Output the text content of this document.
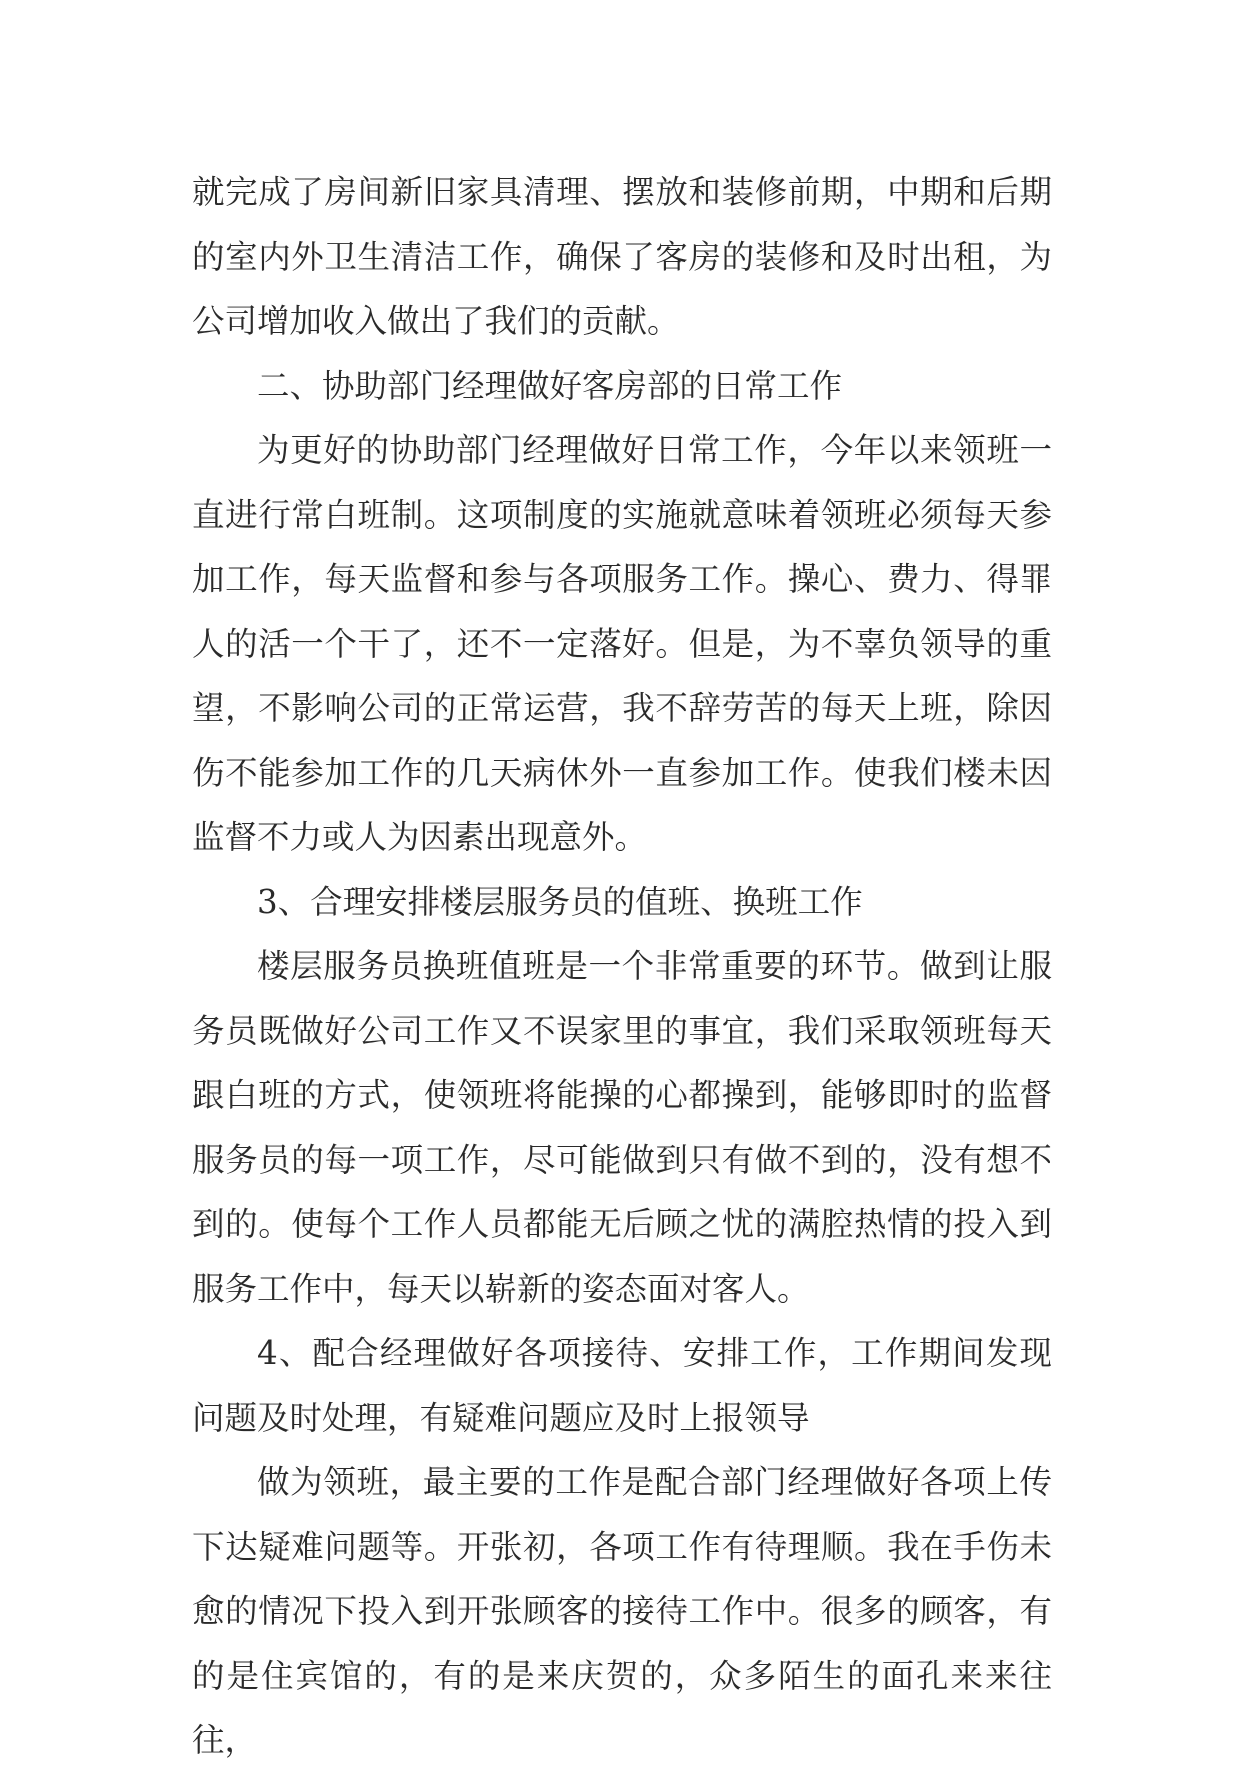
就完成了房间新旧家具清理、摆放和装修前期，中期和后期的室内外卫生清洁工作，确保了客房的装修和及时出租，为公司增加收入做出了我们的贡献。

二、协助部门经理做好客房部的日常工作

为更好的协助部门经理做好日常工作，今年以来领班一直进行常白班制。这项制度的实施就意味着领班必须每天参加工作，每天监督和参与各项服务工作。操心、费力、得罪人的活一个干了，还不一定落好。但是，为不辜负领导的重望，不影响公司的正常运营，我不辞劳苦的每天上班，除因伤不能参加工作的几天病休外一直参加工作。使我们楼未因监督不力或人为因素出现意外。

3、合理安排楼层服务员的值班、换班工作

楼层服务员换班值班是一个非常重要的环节。做到让服务员既做好公司工作又不误家里的事宜，我们采取领班每天跟白班的方式，使领班将能操的心都操到，能够即时的监督服务员的每一项工作，尽可能做到只有做不到的，没有想不到的。使每个工作人员都能无后顾之忧的满腔热情的投入到服务工作中，每天以崭新的姿态面对客人。

4、配合经理做好各项接待、安排工作，工作期间发现问题及时处理，有疑难问题应及时上报领导

做为领班，最主要的工作是配合部门经理做好各项上传下达疑难问题等。开张初，各项工作有待理顺。我在手伤未愈的情况下投入到开张顾客的接待工作中。很多的顾客，有的是住宾馆的，有的是来庆贺的，众多陌生的面孔来来往往，
